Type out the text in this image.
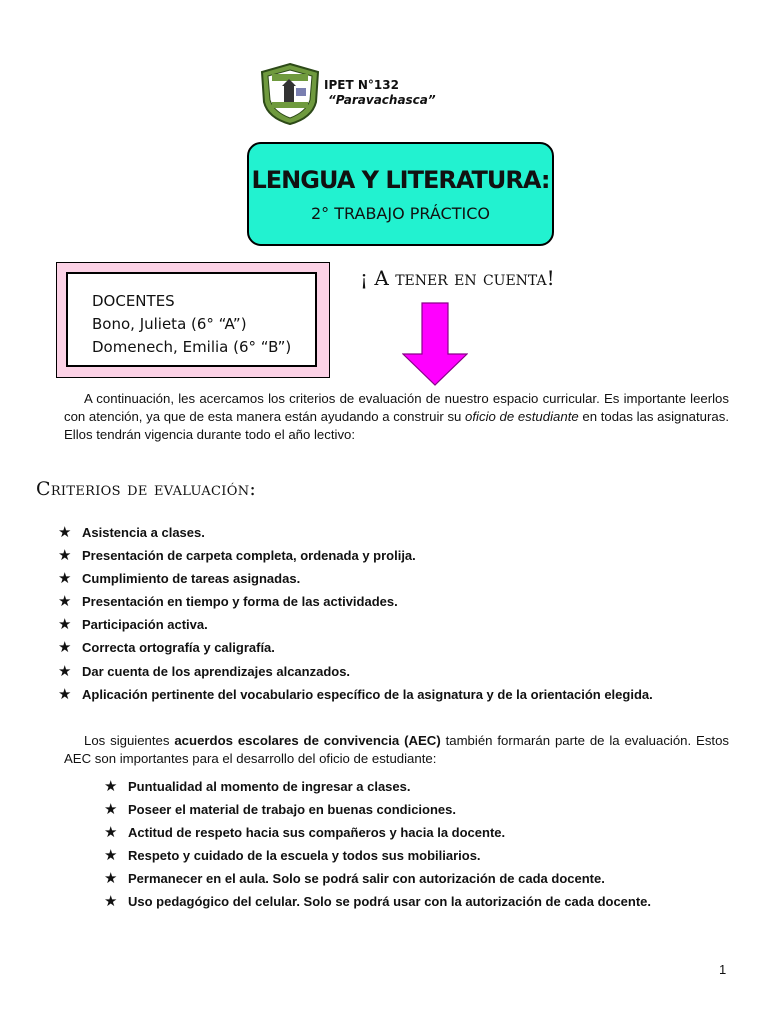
IPET N°132
“Paravachasca”
LENGUA Y LITERATURA:
2° TRABAJO PRÁCTICO
DOCENTES
Bono, Julieta (6° “A”)
Domenech, Emilia (6° “B”)
¡ A tener en cuenta!
A continuación, les acercamos los criterios de evaluación de nuestro espacio curricular. Es importante leerlos con atención, ya que de esta manera están ayudando a construir su oficio de estudiante en todas las asignaturas. Ellos tendrán vigencia durante todo el año lectivo:
Criterios de evaluación:
★ Asistencia a clases.
★ Presentación de carpeta completa, ordenada y prolija.
★ Cumplimiento de tareas asignadas.
★ Presentación en tiempo y forma de las actividades.
★ Participación activa.
★ Correcta ortografía y caligrafía.
★ Dar cuenta de los aprendizajes alcanzados.
★ Aplicación pertinente del vocabulario específico de la asignatura y de la orientación elegida.
Los siguientes acuerdos escolares de convivencia (AEC) también formarán parte de la evaluación. Estos AEC son importantes para el desarrollo del oficio de estudiante:
★ Puntualidad al momento de ingresar a clases.
★ Poseer el material de trabajo en buenas condiciones.
★ Actitud de respeto hacia sus compañeros y hacia la docente.
★ Respeto y cuidado de la escuela y todos sus mobiliarios.
★ Permanecer en el aula. Solo se podrá salir con autorización de cada docente.
★ Uso pedagógico del celular. Solo se podrá usar con la autorización de cada docente.
1
